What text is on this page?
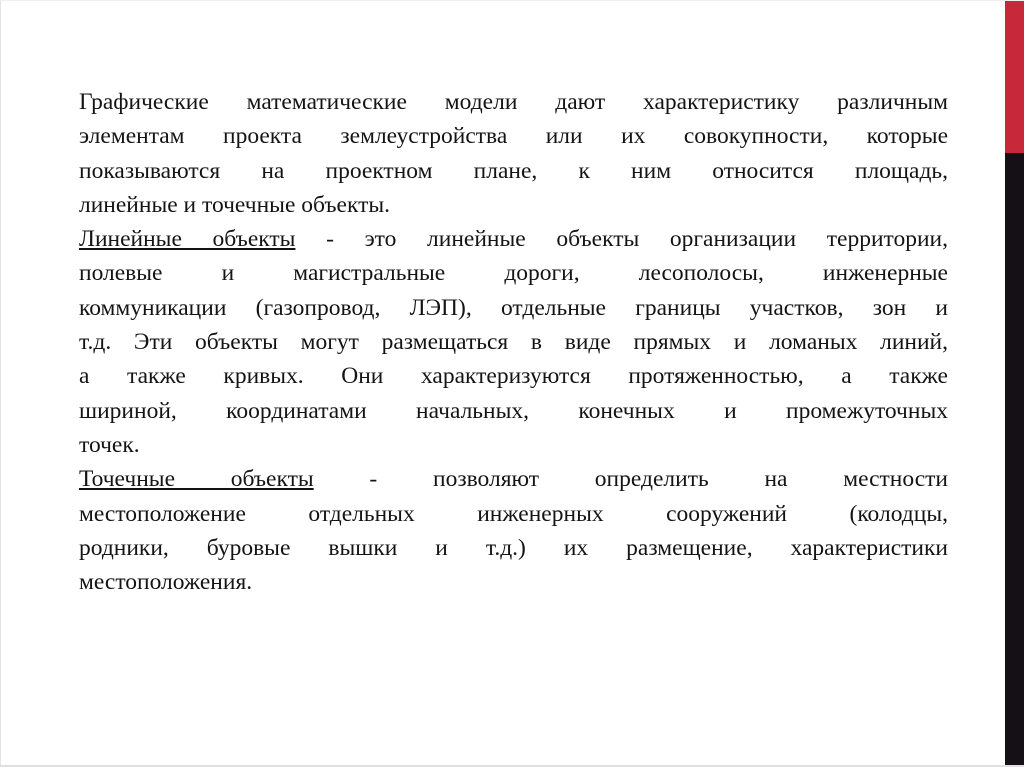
Графические математические модели дают характеристику различным
элементам проекта землеустройства или их совокупности, которые
показываются на проектном плане, к ним относится площадь,
линейные и точечные объекты.
Линейные объекты - это линейные объекты организации территории,
полевые и магистральные дороги, лесополосы, инженерные
коммуникации (газопровод, ЛЭП), отдельные границы участков, зон и
т.д. Эти объекты могут размещаться в виде прямых и ломаных линий,
а также кривых. Они характеризуются протяженностью, а также
шириной, координатами начальных, конечных и промежуточных
точек.
Точечные объекты - позволяют определить на местности
местоположение отдельных инженерных сооружений (колодцы,
родники, буровые вышки и т.д.) их размещение, характеристики
местоположения.
